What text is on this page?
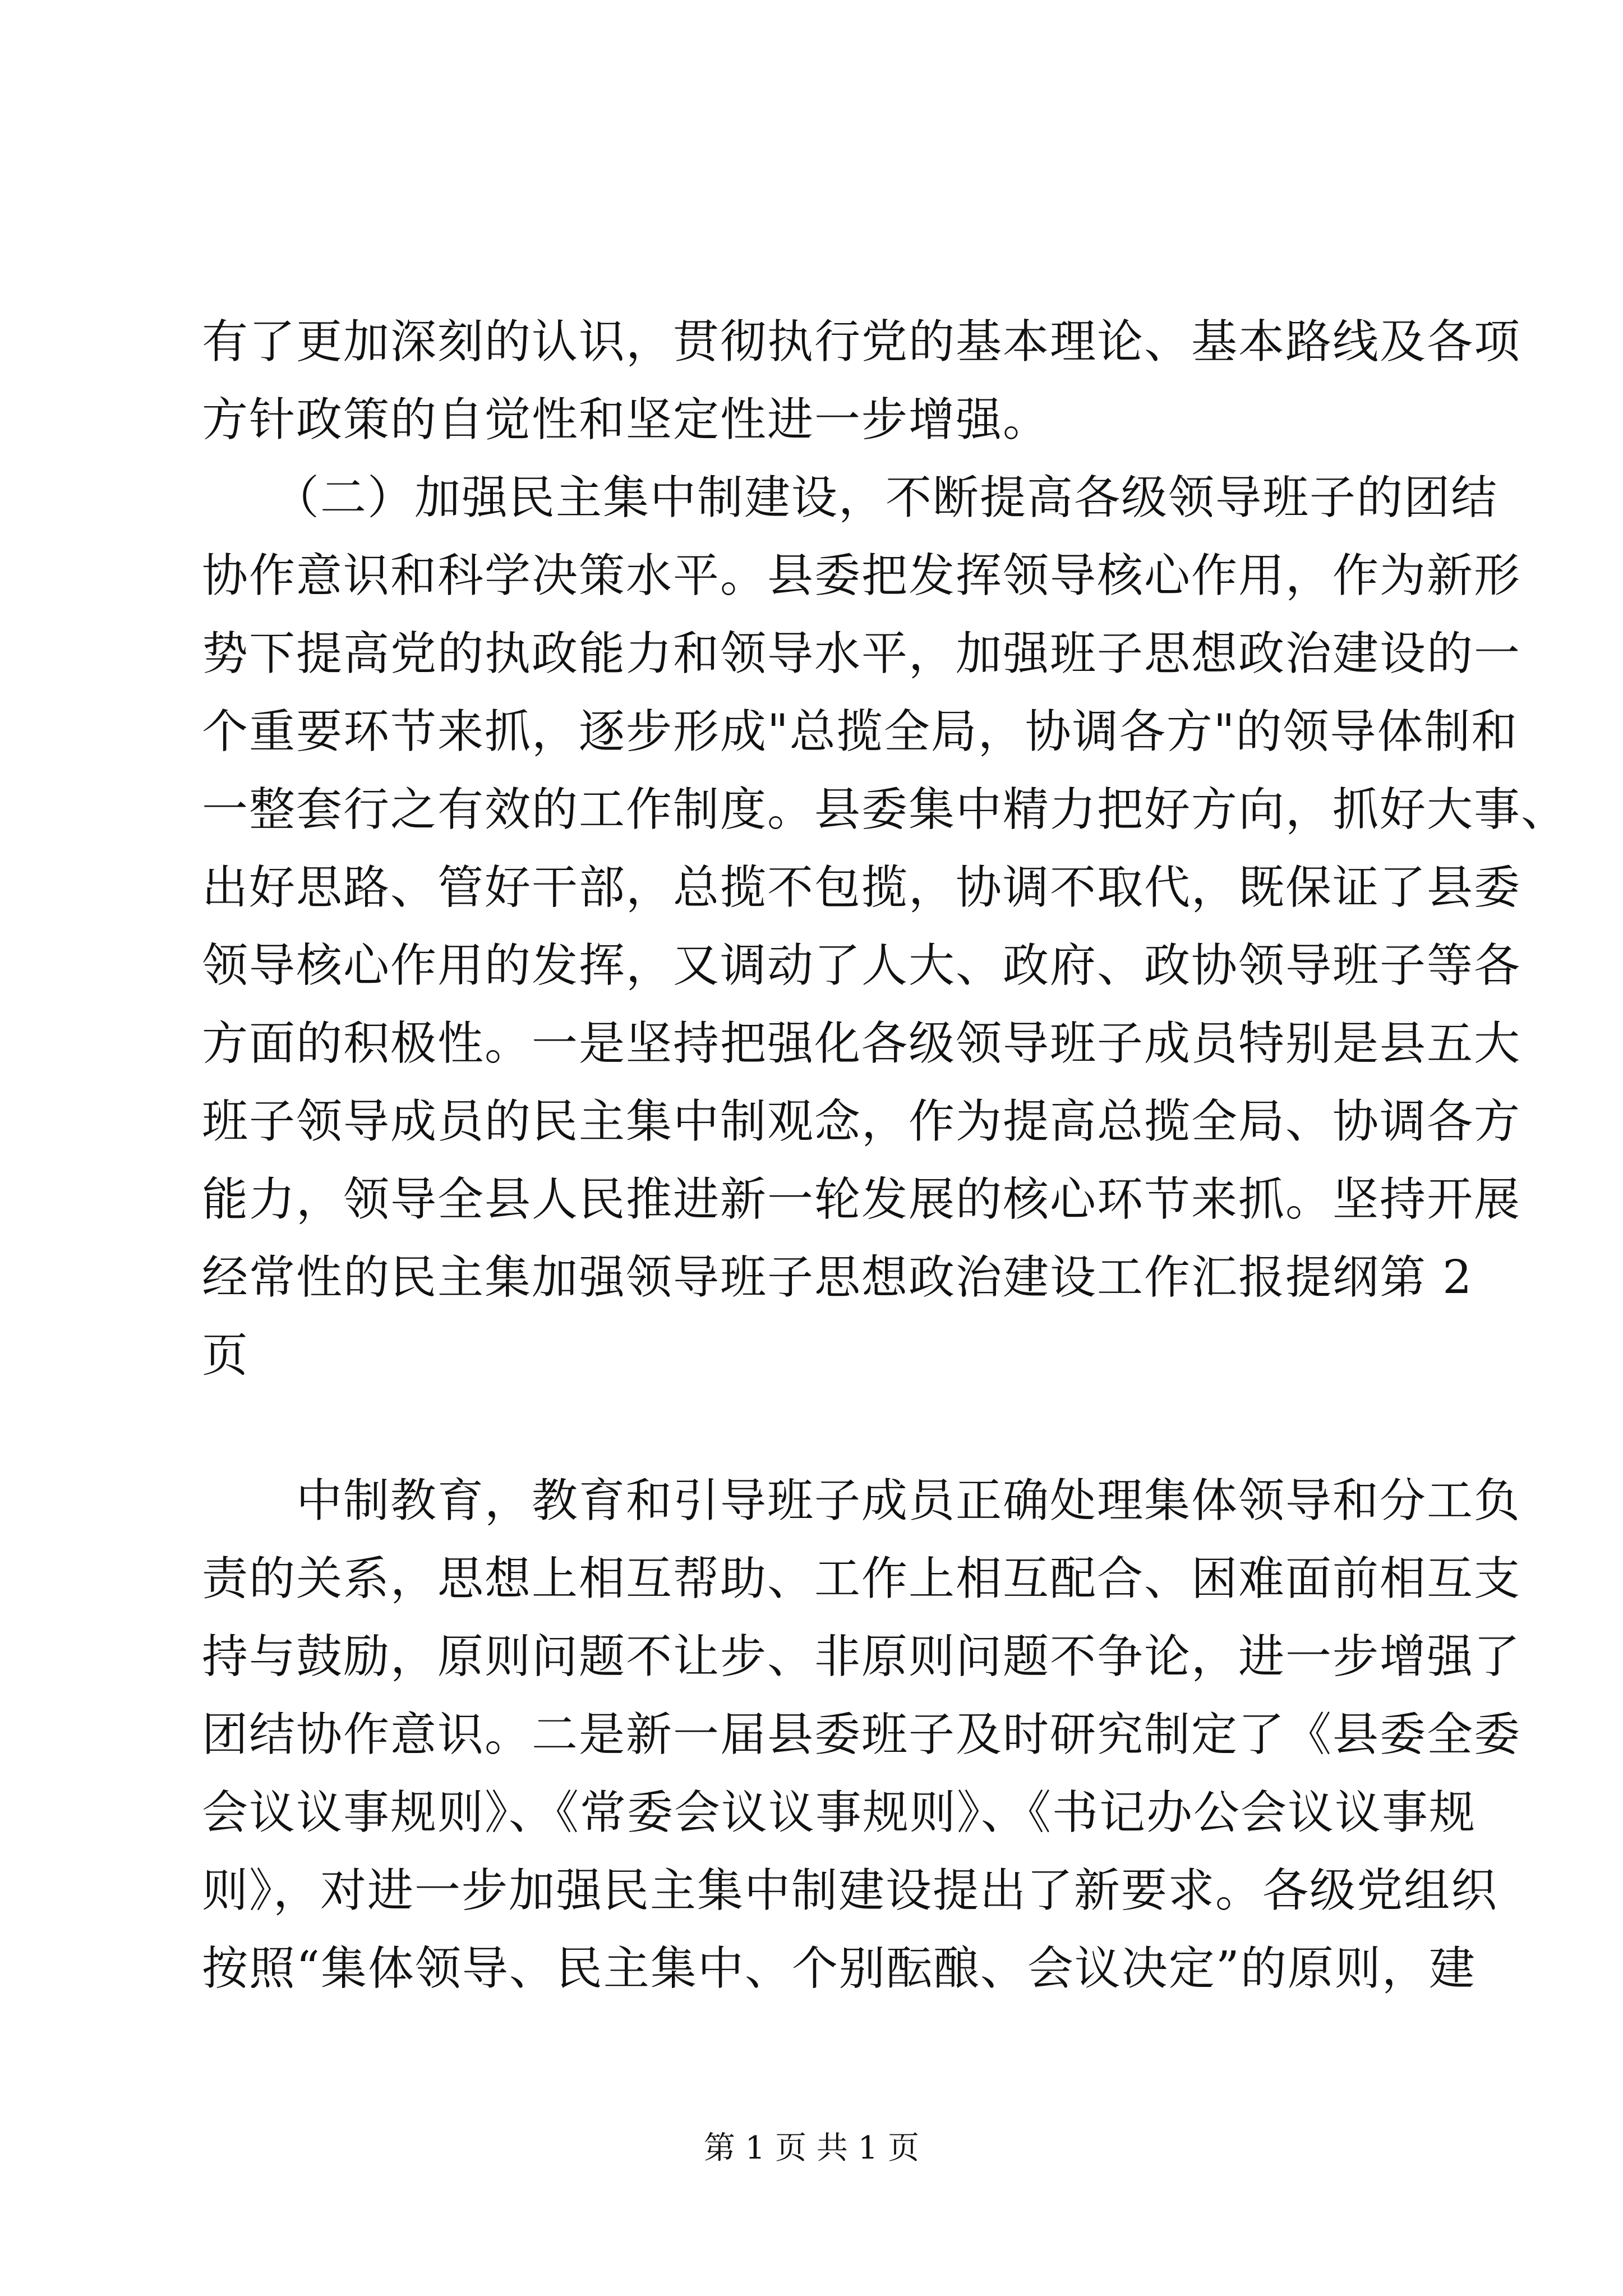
有了更加深刻的认识，贯彻执行党的基本理论、基本路线及各项
方针政策的自觉性和坚定性进一步增强。
　　（二）加强民主集中制建设，不断提高各级领导班子的团结
协作意识和科学决策水平。县委把发挥领导核心作用，作为新形
势下提高党的执政能力和领导水平，加强班子思想政治建设的一
个重要环节来抓，逐步形成"总揽全局，协调各方"的领导体制和
一整套行之有效的工作制度。县委集中精力把好方向，抓好大事、
出好思路、管好干部，总揽不包揽，协调不取代，既保证了县委
领导核心作用的发挥，又调动了人大、政府、政协领导班子等各
方面的积极性。一是坚持把强化各级领导班子成员特别是县五大
班子领导成员的民主集中制观念，作为提高总揽全局、协调各方
能力，领导全县人民推进新一轮发展的核心环节来抓。坚持开展
经常性的民主集加强领导班子思想政治建设工作汇报提纲第 2
页
　　中制教育，教育和引导班子成员正确处理集体领导和分工负
责的关系，思想上相互帮助、工作上相互配合、困难面前相互支
持与鼓励，原则问题不让步、非原则问题不争论，进一步增强了
团结协作意识。二是新一届县委班子及时研究制定了《县委全委
会议议事规则》、《常委会议议事规则》、《书记办公会议议事规
则》，对进一步加强民主集中制建设提出了新要求。各级党组织
按照“集体领导、民主集中、个别酝酿、会议决定”的原则，建
第 1 页 共 1 页
